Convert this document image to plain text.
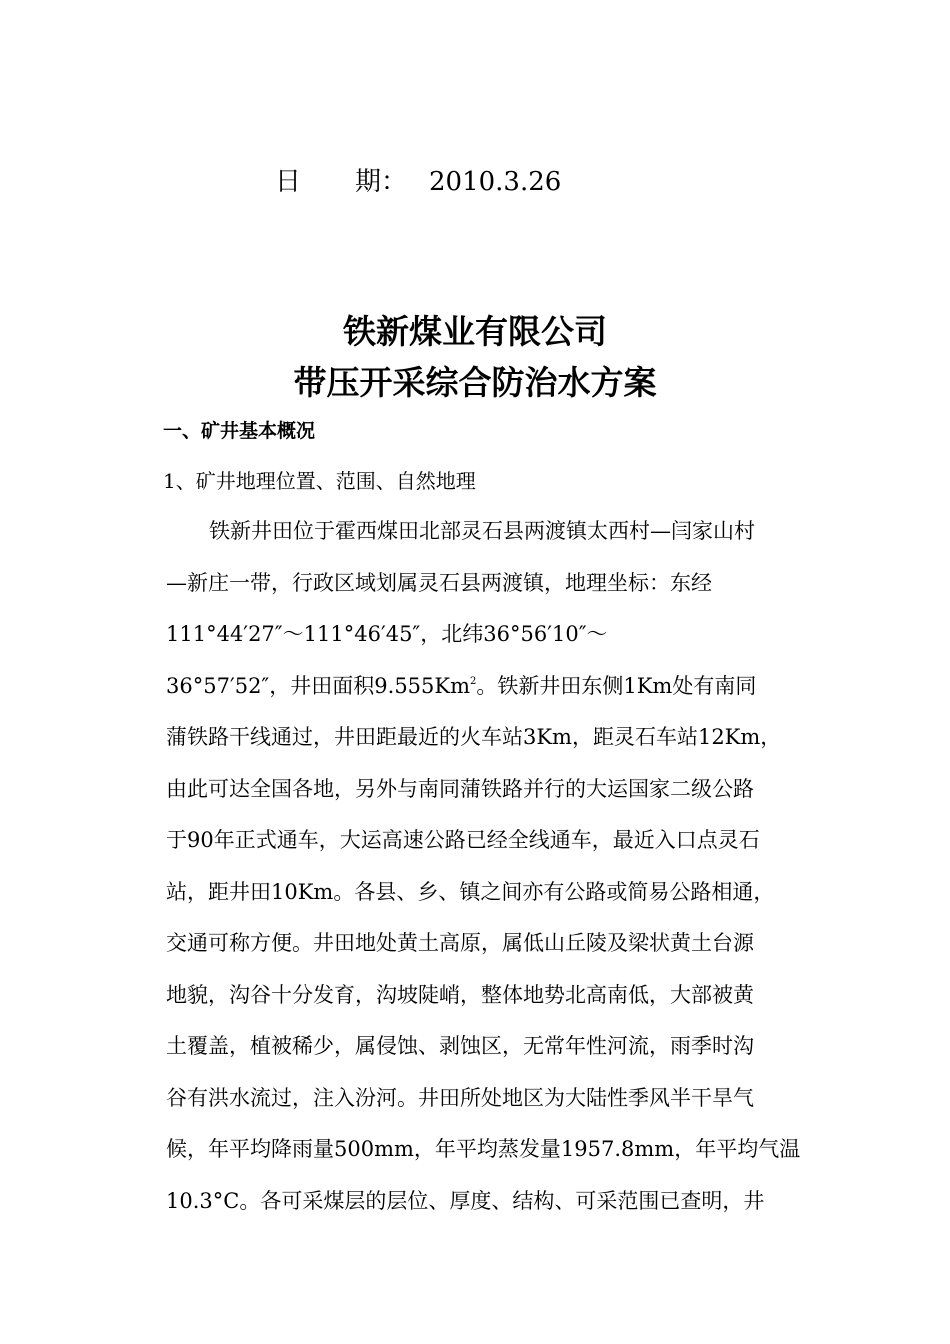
日 期： 2010.3.26
铁新煤业有限公司
带压开采综合防治水方案
一、矿井基本概况
1、矿井地理位置、范围、自然地理
铁新井田位于霍西煤田北部灵石县两渡镇太西村—闫家山村
—新庄一带，行政区域划属灵石县两渡镇，地理坐标：东经
111°44′27″～111°46′45″，北纬36°56′10″～
36°57′52″，井田面积9.555Km$^2$。铁新井田东侧1Km处有南同
蒲铁路干线通过，井田距最近的火车站3Km，距灵石车站12Km，
由此可达全国各地，另外与南同蒲铁路并行的大运国家二级公路
于90年正式通车，大运高速公路已经全线通车，最近入口点灵石
站，距井田10Km。各县、乡、镇之间亦有公路或简易公路相通，
交通可称方便。井田地处黄土高原，属低山丘陵及梁状黄土台源
地貌，沟谷十分发育，沟坡陡峭，整体地势北高南低，大部被黄
土覆盖，植被稀少，属侵蚀、剥蚀区，无常年性河流，雨季时沟
谷有洪水流过，注入汾河。井田所处地区为大陆性季风半干旱气
候，年平均降雨量500mm，年平均蒸发量1957.8mm，年平均气温
10.3°C。各可采煤层的层位、厚度、结构、可采范围已查明，井
